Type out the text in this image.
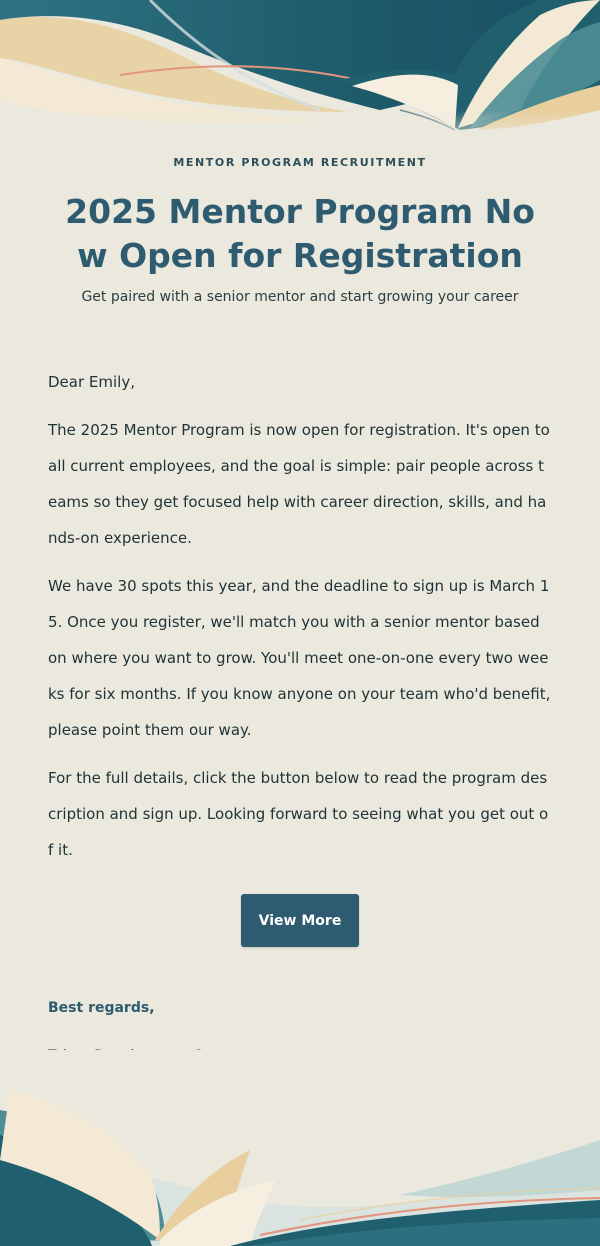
MENTOR PROGRAM RECRUITMENT
2025 Mentor Program Now Open for Registration
Get paired with a senior mentor and start growing your career

Dear Emily,

The 2025 Mentor Program is now open for registration. It's open to all current employees, and the goal is simple: pair people across teams so they get focused help with career direction, skills, and hands-on experience.

We have 30 spots this year, and the deadline to sign up is March 15. Once you register, we'll match you with a senior mentor based on where you want to grow. You'll meet one-on-one every two weeks for six months. If you know anyone on your team who'd benefit, please point them our way.

For the full details, click the button below to read the program description and sign up. Looking forward to seeing what you get out of it.

View More
Best regards,
